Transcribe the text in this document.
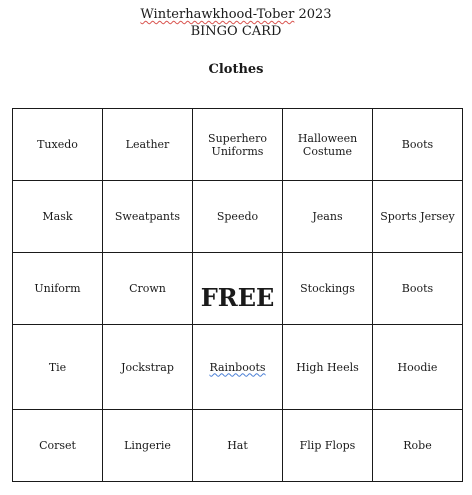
Winterhawkhood-Tober 2023
BINGO CARD
Clothes
Tuxedo	Leather	Superhero Uniforms	Halloween Costume	Boots
Mask	Sweatpants	Speedo	Jeans	Sports Jersey
Uniform	Crown	FREE	Stockings	Boots
Tie	Jockstrap	Rainboots	High Heels	Hoodie
Corset	Lingerie	Hat	Flip Flops	Robe
